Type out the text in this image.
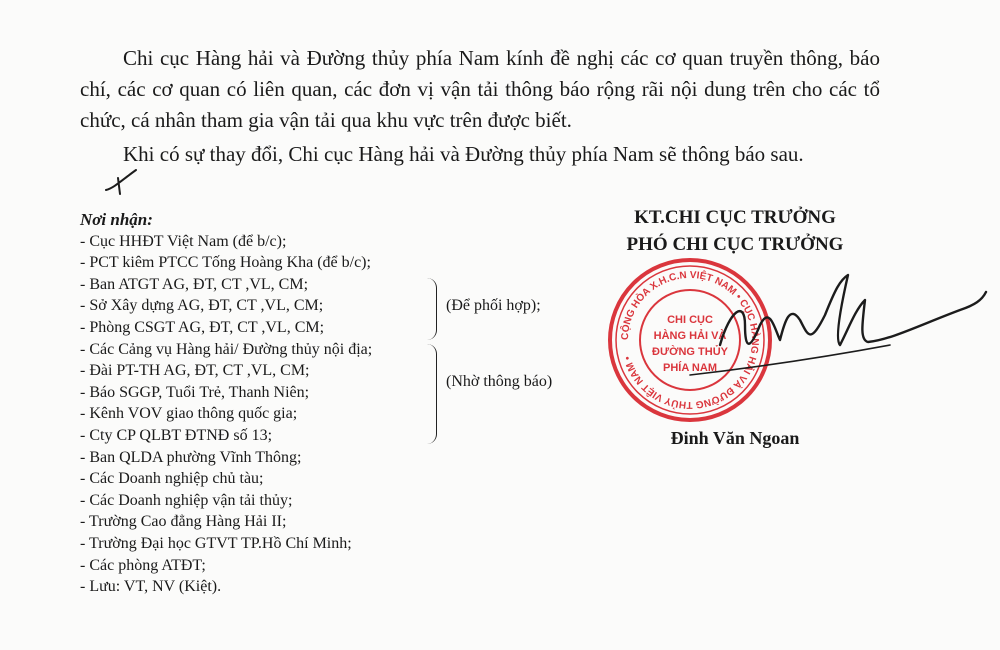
Chi cục Hàng hải và Đường thủy phía Nam kính đề nghị các cơ quan truyền thông, báo chí, các cơ quan có liên quan, các đơn vị vận tải thông báo rộng rãi nội dung trên cho các tổ chức, cá nhân tham gia vận tải qua khu vực trên được biết.

Khi có sự thay đổi, Chi cục Hàng hải và Đường thủy phía Nam sẽ thông báo sau.

Nơi nhận:
- Cục HHĐT Việt Nam (để b/c);
- PCT kiêm PTCC Tống Hoàng Kha (để b/c);
- Ban ATGT AG, ĐT, CT ,VL, CM;
- Sở Xây dựng AG, ĐT, CT ,VL, CM;
- Phòng CSGT AG, ĐT, CT ,VL, CM;
- Các Cảng vụ Hàng hải/ Đường thủy nội địa;
- Đài PT-TH AG, ĐT, CT ,VL, CM;
- Báo SGGP, Tuổi Trẻ, Thanh Niên;
- Kênh VOV giao thông quốc gia;
- Cty CP QLBT ĐTNĐ số 13;
- Ban QLDA phường Vĩnh Thông;
- Các Doanh nghiệp chủ tàu;
- Các Doanh nghiệp vận tải thủy;
- Trường Cao đẳng Hàng Hải II;
- Trường Đại học GTVT TP.Hồ Chí Minh;
- Các phòng ATĐT;
- Lưu: VT, NV (Kiệt).
(Để phối hợp);
(Nhờ thông báo)
KT.CHI CỤC TRƯỞNG
PHÓ CHI CỤC TRƯỞNG
CỘNG HÒA X.H.C.N VIỆT NAM • CỤC HÀNG HẢI VÀ ĐƯỜNG THỦY VIỆT NAM •
CHI CỤC
HÀNG HẢI VÀ
ĐƯỜNG THỦY
PHÍA NAM
Đinh Văn Ngoan
